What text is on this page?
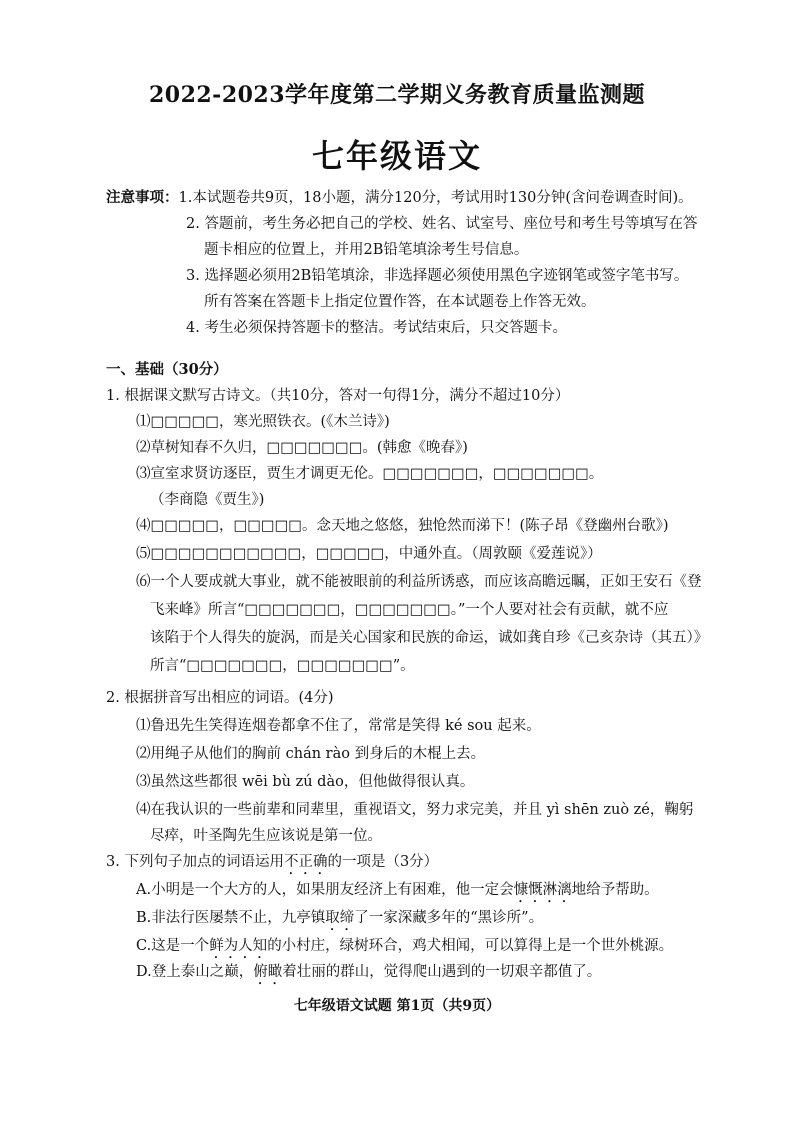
2022-2023学年度第二学期义务教育质量监测题
七年级语文
注意事项：1.本试题卷共9页，18小题，满分120分，考试用时130分钟(含问卷调查时间)。
2. 答题前，考生务必把自己的学校、姓名、试室号、座位号和考生号等填写在答
题卡相应的位置上，并用2B铅笔填涂考生号信息。
3. 选择题必须用2B铅笔填涂，非选择题必须使用黑色字迹钢笔或签字笔书写。
所有答案在答题卡上指定位置作答，在本试题卷上作答无效。
4. 考生必须保持答题卡的整洁。考试结束后，只交答题卡。
一、基础（30分）
1. 根据课文默写古诗文。（共10分，答对一句得1分，满分不超过10分）
⑴□□□□□，寒光照铁衣。(《木兰诗》)
⑵草树知春不久归，□□□□□□□。(韩愈《晚春》)
⑶宣室求贤访逐臣，贾生才调更无伦。□□□□□□□，□□□□□□□。
（李商隐《贾生》)
⑷□□□□□，□□□□□。念天地之悠悠，独怆然而涕下！(陈子昂《登幽州台歌》)
⑸□□□□□□□□□□□，□□□□□，中通外直。（周敦颐《爱莲说》）
⑹一个人要成就大事业，就不能被眼前的利益所诱惑，而应该高瞻远瞩，正如王安石《登
飞来峰》所言“□□□□□□□，□□□□□□□。”一个人要对社会有贡献，就不应
该陷于个人得失的旋涡，而是关心国家和民族的命运，诚如龚自珍《己亥杂诗（其五）》
所言“□□□□□□□，□□□□□□□”。
2. 根据拼音写出相应的词语。(4分)
⑴鲁迅先生笑得连烟卷都拿不住了，常常是笑得 ké sou 起来。
⑵用绳子从他们的胸前 chán rào 到身后的木棍上去。
⑶虽然这些都很 wēi bù zú dào，但他做得很认真。
⑷在我认识的一些前辈和同辈里，重视语文，努力求完美，并且 yì shēn zuò zé，鞠躬
尽瘁，叶圣陶先生应该说是第一位。
3. 下列句子加点的词语运用不正确的一项是（3分）
A.小明是一个大方的人，如果朋友经济上有困难，他一定会慷慨淋漓地给予帮助。
B.非法行医屡禁不止，九亭镇取缔了一家深藏多年的“黑诊所”。
C.这是一个鲜为人知的小村庄，绿树环合，鸡犬相闻，可以算得上是一个世外桃源。
D.登上泰山之巅，俯瞰着壮丽的群山，觉得爬山遇到的一切艰辛都值了。
七年级语文试题 第1页（共9页）
